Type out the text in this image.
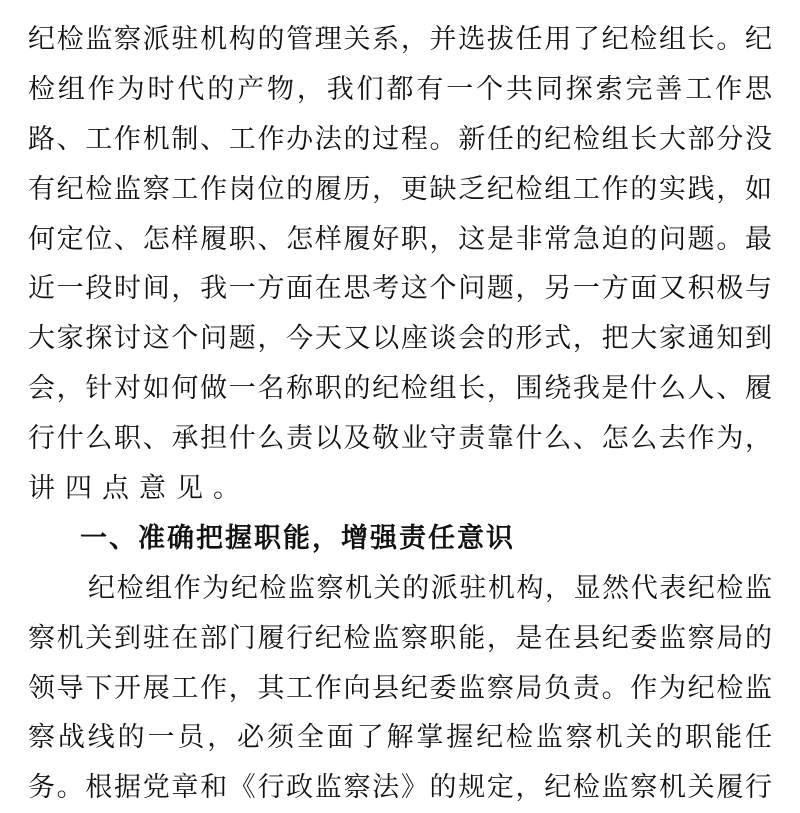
纪检监察派驻机构的管理关系，并选拔任用了纪检组长。纪
检组作为时代的产物，我们都有一个共同探索完善工作思
路、工作机制、工作办法的过程。新任的纪检组长大部分没
有纪检监察工作岗位的履历，更缺乏纪检组工作的实践，如
何定位、怎样履职、怎样履好职，这是非常急迫的问题。最
近一段时间，我一方面在思考这个问题，另一方面又积极与
大家探讨这个问题，今天又以座谈会的形式，把大家通知到
会，针对如何做一名称职的纪检组长，围绕我是什么人、履
行什么职、承担什么责以及敬业守责靠什么、怎么去作为，
讲四点意见。
一、准确把握职能，增强责任意识
纪检组作为纪检监察机关的派驻机构，显然代表纪检监
察机关到驻在部门履行纪检监察职能，是在县纪委监察局的
领导下开展工作，其工作向县纪委监察局负责。作为纪检监
察战线的一员，必须全面了解掌握纪检监察机关的职能任
务。根据党章和《行政监察法》的规定，纪检监察机关履行
